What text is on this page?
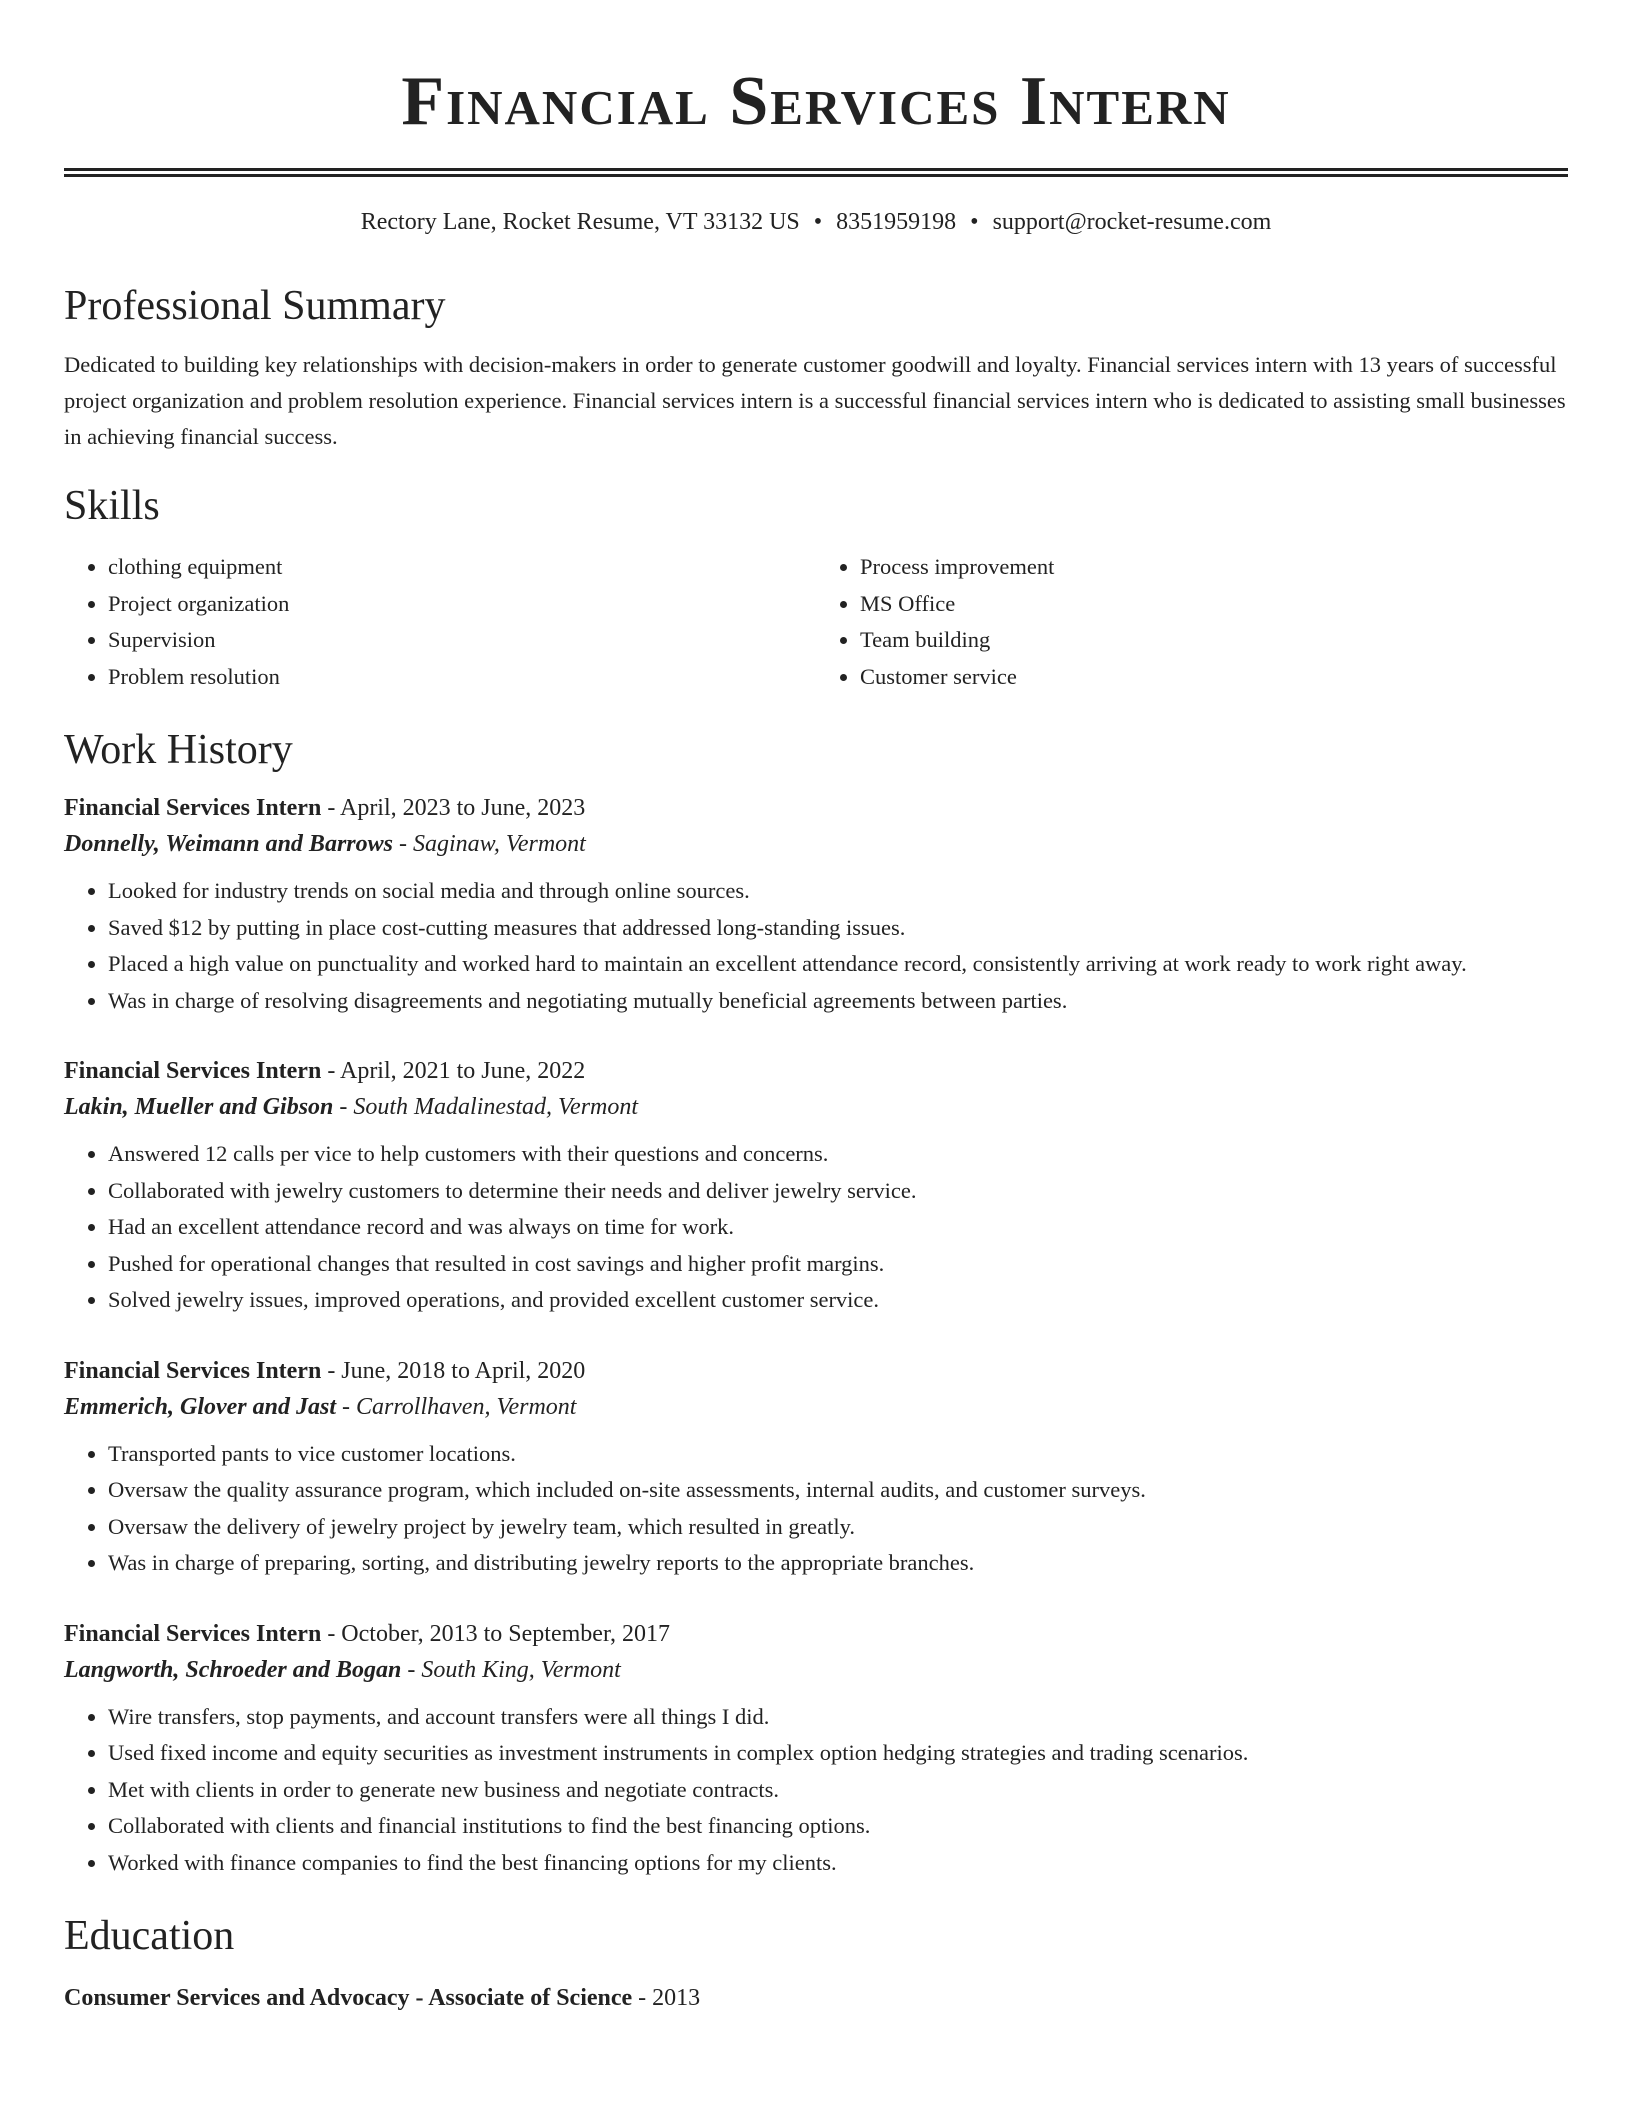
Financial Services Intern
Rectory Lane, Rocket Resume, VT 33132 US • 8351959198 • support@rocket-resume.com
Professional Summary
Dedicated to building key relationships with decision-makers in order to generate customer goodwill and loyalty. Financial services intern with 13 years of successful project organization and problem resolution experience. Financial services intern is a successful financial services intern who is dedicated to assisting small businesses in achieving financial success.
Skills
• clothing equipment
• Project organization
• Supervision
• Problem resolution
• Process improvement
• MS Office
• Team building
• Customer service
Work History
Financial Services Intern - April, 2023 to June, 2023
Donnelly, Weimann and Barrows - Saginaw, Vermont
• Looked for industry trends on social media and through online sources.
• Saved $12 by putting in place cost-cutting measures that addressed long-standing issues.
• Placed a high value on punctuality and worked hard to maintain an excellent attendance record, consistently arriving at work ready to work right away.
• Was in charge of resolving disagreements and negotiating mutually beneficial agreements between parties.
Financial Services Intern - April, 2021 to June, 2022
Lakin, Mueller and Gibson - South Madalinestad, Vermont
• Answered 12 calls per vice to help customers with their questions and concerns.
• Collaborated with jewelry customers to determine their needs and deliver jewelry service.
• Had an excellent attendance record and was always on time for work.
• Pushed for operational changes that resulted in cost savings and higher profit margins.
• Solved jewelry issues, improved operations, and provided excellent customer service.
Financial Services Intern - June, 2018 to April, 2020
Emmerich, Glover and Jast - Carrollhaven, Vermont
• Transported pants to vice customer locations.
• Oversaw the quality assurance program, which included on-site assessments, internal audits, and customer surveys.
• Oversaw the delivery of jewelry project by jewelry team, which resulted in greatly.
• Was in charge of preparing, sorting, and distributing jewelry reports to the appropriate branches.
Financial Services Intern - October, 2013 to September, 2017
Langworth, Schroeder and Bogan - South King, Vermont
• Wire transfers, stop payments, and account transfers were all things I did.
• Used fixed income and equity securities as investment instruments in complex option hedging strategies and trading scenarios.
• Met with clients in order to generate new business and negotiate contracts.
• Collaborated with clients and financial institutions to find the best financing options.
• Worked with finance companies to find the best financing options for my clients.
Education
Consumer Services and Advocacy - Associate of Science - 2013
